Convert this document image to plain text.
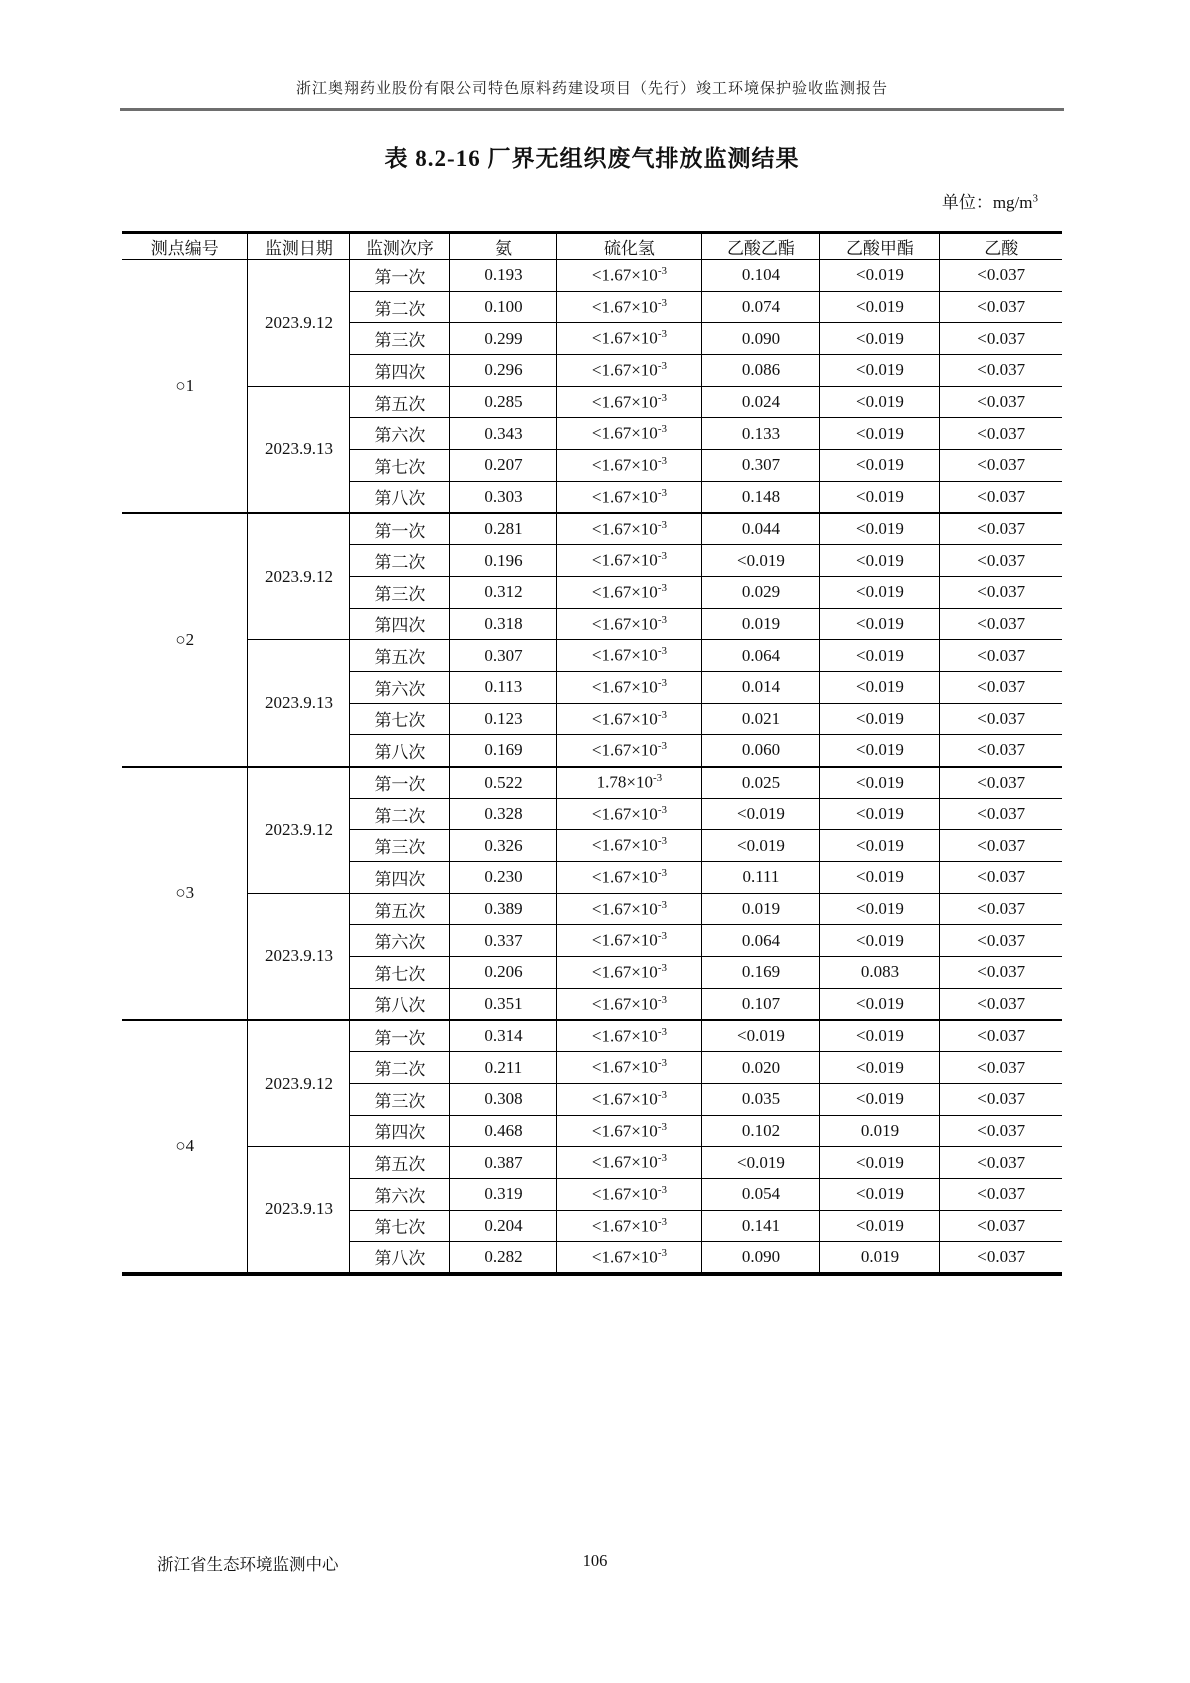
浙江奥翔药业股份有限公司特色原料药建设项目（先行）竣工环境保护验收监测报告
表 8.2-16 厂界无组织废气排放监测结果
单位：$mg/m^3$
测点编号	监测日期	监测次序	氨	硫化氢	乙酸乙酯	乙酸甲酯	乙酸
○1	2023.9.12	第一次	0.193	$<1.67\times 10^{-3}$	0.104	<0.019	<0.037
		第二次	0.100	$<1.67\times 10^{-3}$	0.074	<0.019	<0.037
		第三次	0.299	$<1.67\times 10^{-3}$	0.090	<0.019	<0.037
		第四次	0.296	$<1.67\times 10^{-3}$	0.086	<0.019	<0.037
	2023.9.13	第五次	0.285	$<1.67\times 10^{-3}$	0.024	<0.019	<0.037
		第六次	0.343	$<1.67\times 10^{-3}$	0.133	<0.019	<0.037
		第七次	0.207	$<1.67\times 10^{-3}$	0.307	<0.019	<0.037
		第八次	0.303	$<1.67\times 10^{-3}$	0.148	<0.019	<0.037
○2	2023.9.12	第一次	0.281	$<1.67\times 10^{-3}$	0.044	<0.019	<0.037
		第二次	0.196	$<1.67\times 10^{-3}$	<0.019	<0.019	<0.037
		第三次	0.312	$<1.67\times 10^{-3}$	0.029	<0.019	<0.037
		第四次	0.318	$<1.67\times 10^{-3}$	0.019	<0.019	<0.037
	2023.9.13	第五次	0.307	$<1.67\times 10^{-3}$	0.064	<0.019	<0.037
		第六次	0.113	$<1.67\times 10^{-3}$	0.014	<0.019	<0.037
		第七次	0.123	$<1.67\times 10^{-3}$	0.021	<0.019	<0.037
		第八次	0.169	$<1.67\times 10^{-3}$	0.060	<0.019	<0.037
○3	2023.9.12	第一次	0.522	$1.78\times 10^{-3}$	0.025	<0.019	<0.037
		第二次	0.328	$<1.67\times 10^{-3}$	<0.019	<0.019	<0.037
		第三次	0.326	$<1.67\times 10^{-3}$	<0.019	<0.019	<0.037
		第四次	0.230	$<1.67\times 10^{-3}$	0.111	<0.019	<0.037
	2023.9.13	第五次	0.389	$<1.67\times 10^{-3}$	0.019	<0.019	<0.037
		第六次	0.337	$<1.67\times 10^{-3}$	0.064	<0.019	<0.037
		第七次	0.206	$<1.67\times 10^{-3}$	0.169	0.083	<0.037
		第八次	0.351	$<1.67\times 10^{-3}$	0.107	<0.019	<0.037
○4	2023.9.12	第一次	0.314	$<1.67\times 10^{-3}$	<0.019	<0.019	<0.037
		第二次	0.211	$<1.67\times 10^{-3}$	0.020	<0.019	<0.037
		第三次	0.308	$<1.67\times 10^{-3}$	0.035	<0.019	<0.037
		第四次	0.468	$<1.67\times 10^{-3}$	0.102	0.019	<0.037
	2023.9.13	第五次	0.387	$<1.67\times 10^{-3}$	<0.019	<0.019	<0.037
		第六次	0.319	$<1.67\times 10^{-3}$	0.054	<0.019	<0.037
		第七次	0.204	$<1.67\times 10^{-3}$	0.141	<0.019	<0.037
		第八次	0.282	$<1.67\times 10^{-3}$	0.090	0.019	<0.037
浙江省生态环境监测中心	106
